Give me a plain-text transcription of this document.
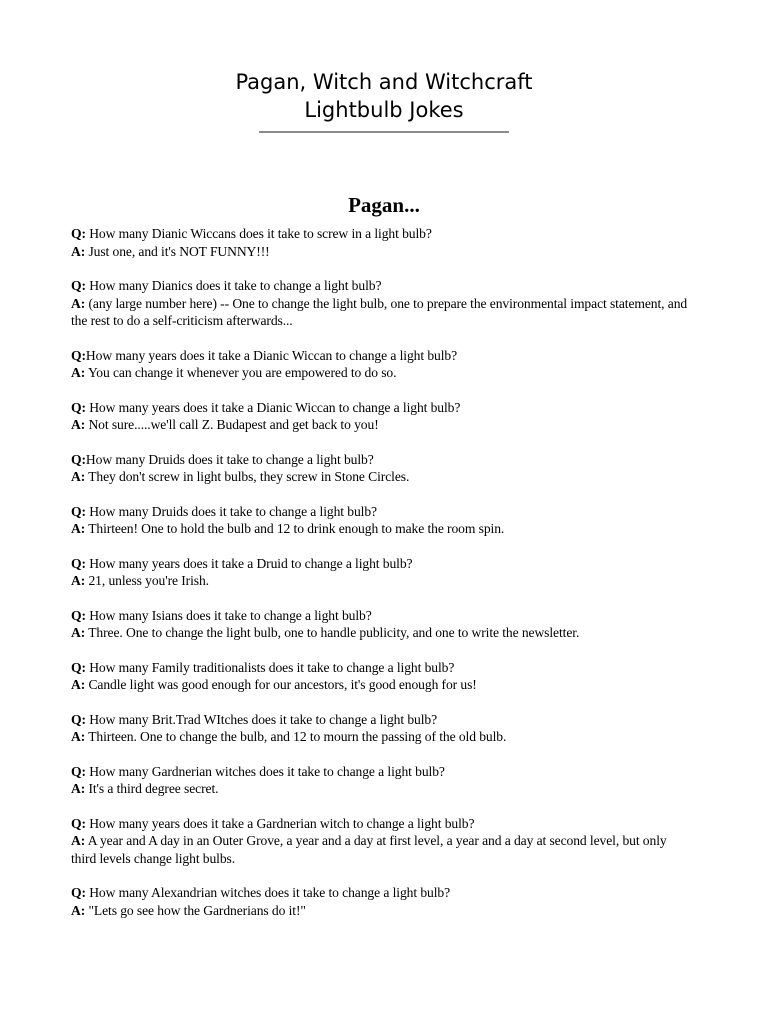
Pagan, Witch and Witchcraft
Lightbulb Jokes
Pagan...
Q: How many Dianic Wiccans does it take to screw in a light bulb?
A: Just one, and it's NOT FUNNY!!!
Q: How many Dianics does it take to change a light bulb?
A: (any large number here) -- One to change the light bulb, one to prepare the environmental impact statement, and the rest to do a self-criticism afterwards...
Q:How many years does it take a Dianic Wiccan to change a light bulb?
A: You can change it whenever you are empowered to do so.
Q: How many years does it take a Dianic Wiccan to change a light bulb?
A: Not sure.....we'll call Z. Budapest and get back to you!
Q:How many Druids does it take to change a light bulb?
A: They don't screw in light bulbs, they screw in Stone Circles.
Q: How many Druids does it take to change a light bulb?
A: Thirteen! One to hold the bulb and 12 to drink enough to make the room spin.
Q: How many years does it take a Druid to change a light bulb?
A: 21, unless you're Irish.
Q: How many Isians does it take to change a light bulb?
A: Three. One to change the light bulb, one to handle publicity, and one to write the newsletter.
Q: How many Family traditionalists does it take to change a light bulb?
A: Candle light was good enough for our ancestors, it's good enough for us!
Q: How many Brit.Trad WItches does it take to change a light bulb?
A: Thirteen. One to change the bulb, and 12 to mourn the passing of the old bulb.
Q: How many Gardnerian witches does it take to change a light bulb?
A: It's a third degree secret.
Q: How many years does it take a Gardnerian witch to change a light bulb?
A: A year and A day in an Outer Grove, a year and a day at first level, a year and a day at second level, but only third levels change light bulbs.
Q: How many Alexandrian witches does it take to change a light bulb?
A: "Lets go see how the Gardnerians do it!"
